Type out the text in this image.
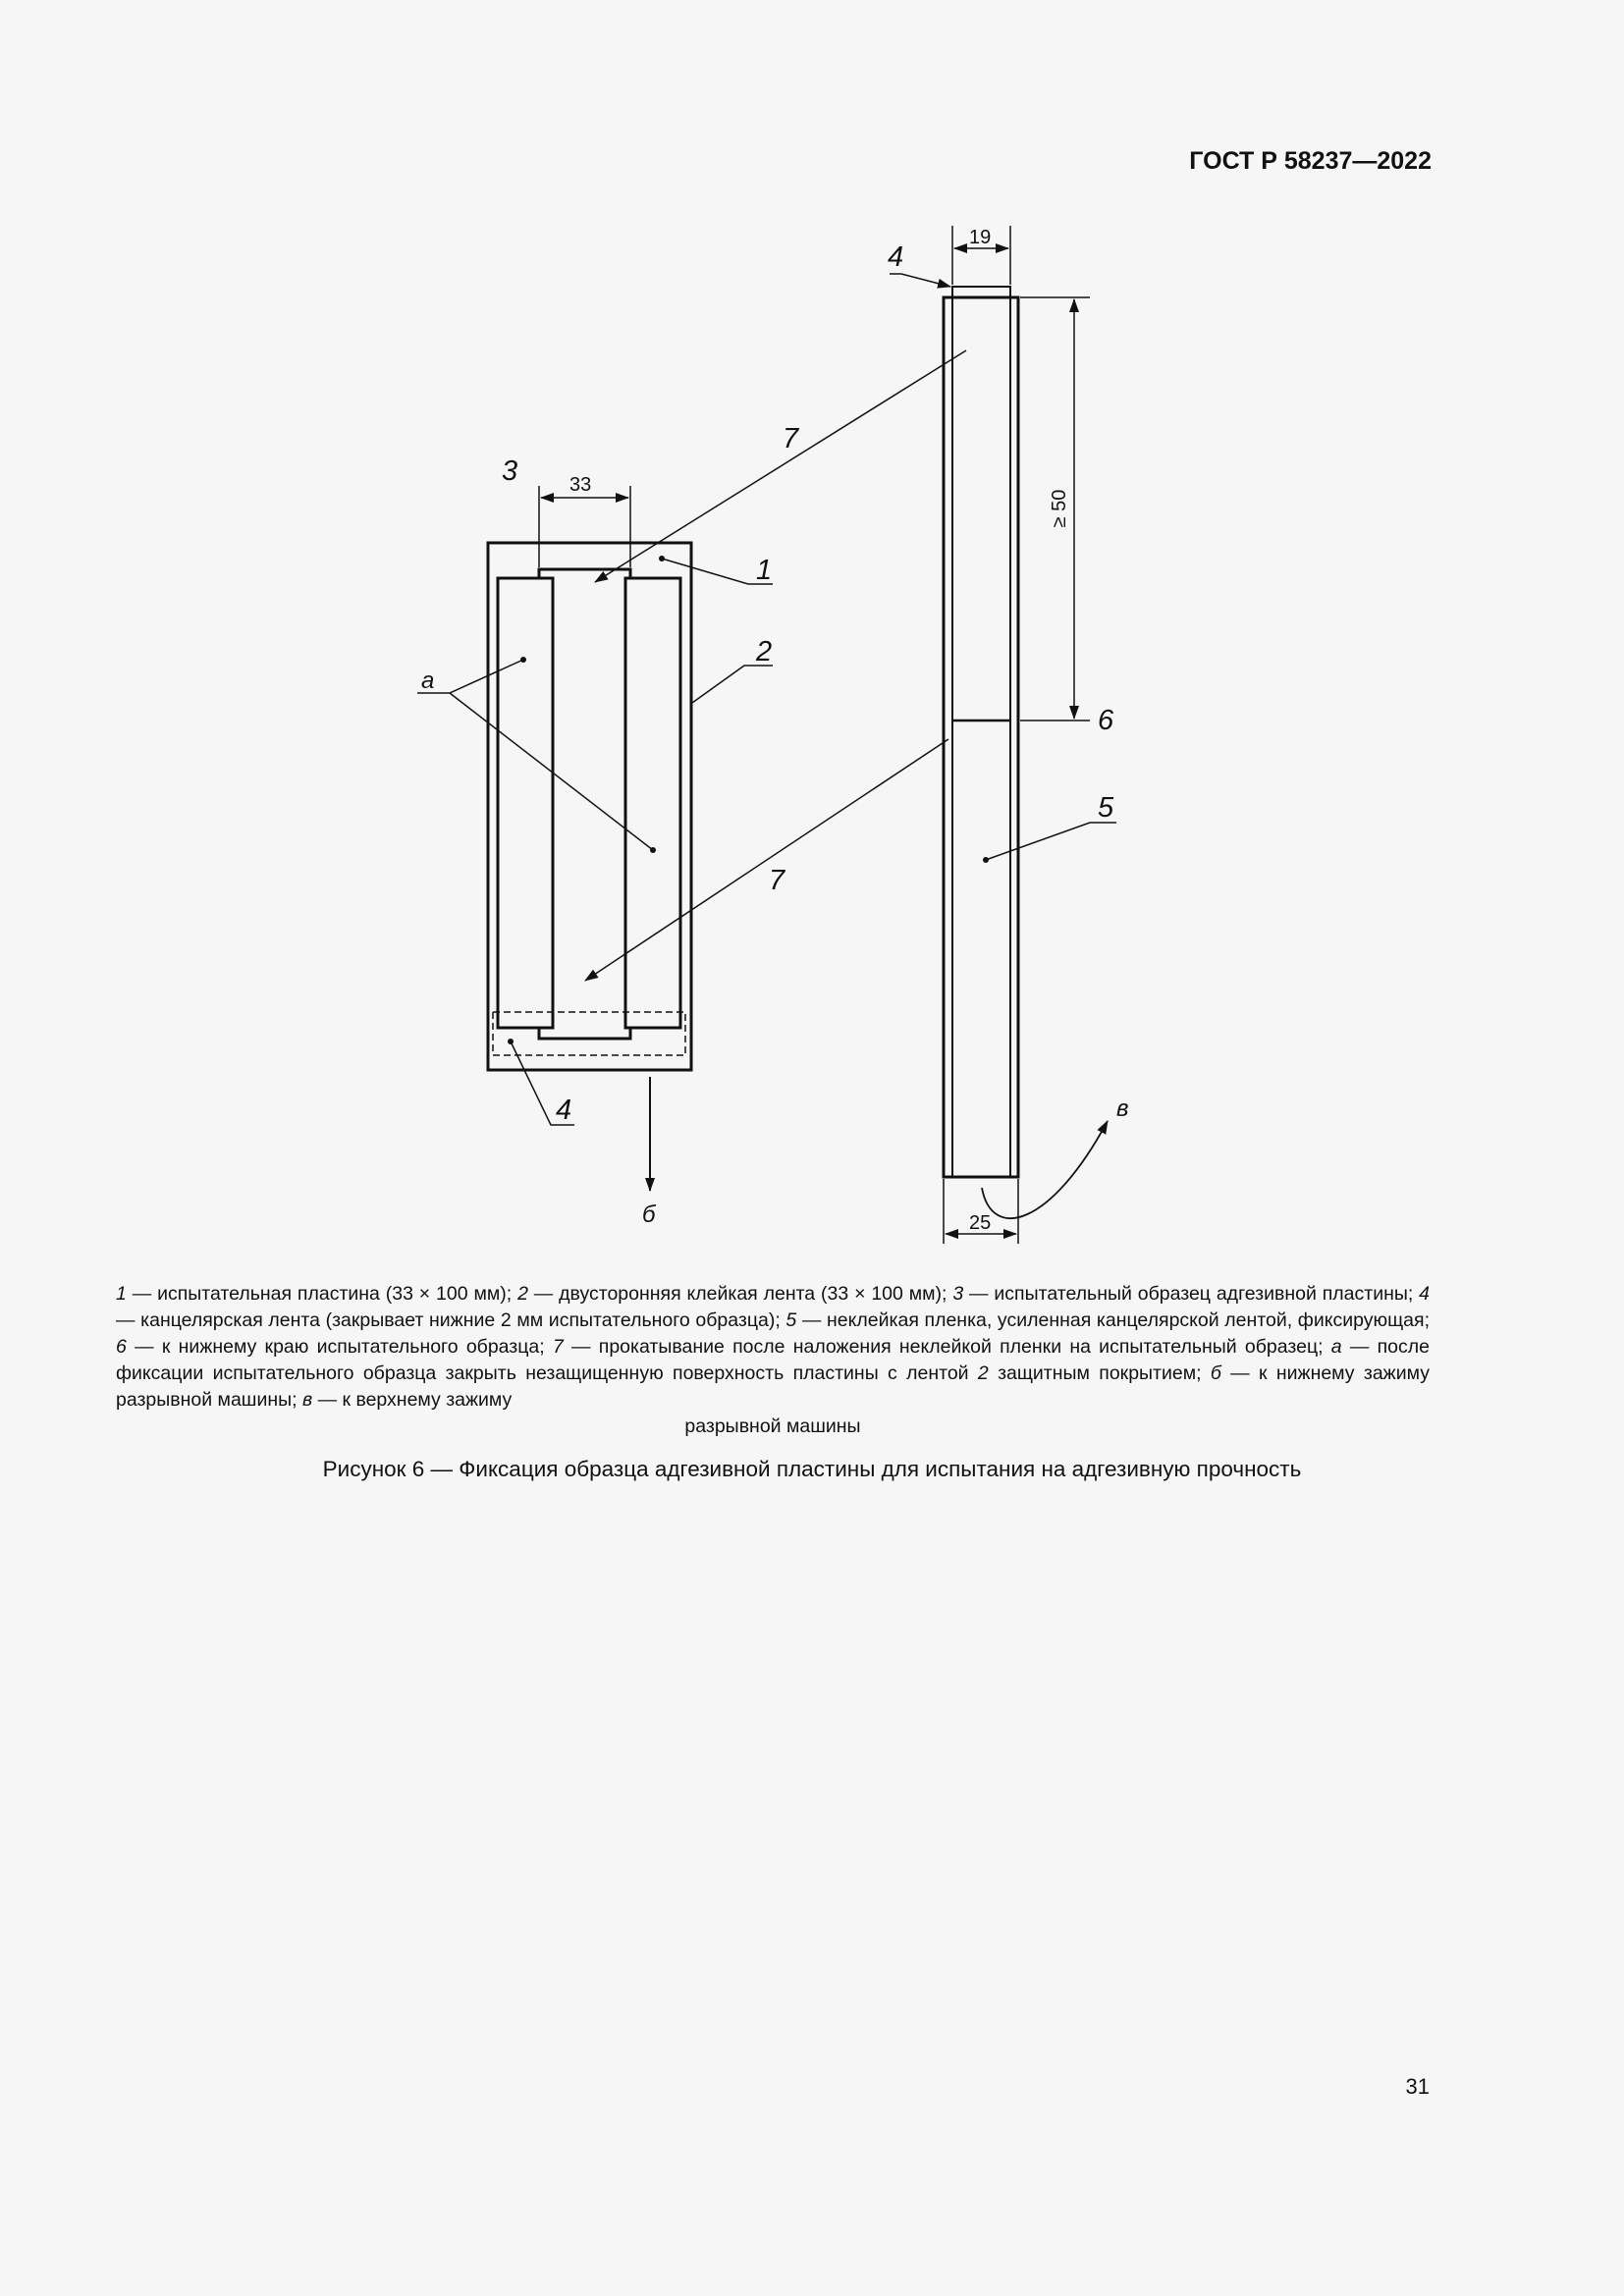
ГОСТ Р 58237—2022
3
1
2
а
4
б
7
7
4
6
5
в
33
19
25
≥ 50
1 — испытательная пластина (33 × 100 мм); 2 — двусторонняя клейкая лента (33 × 100 мм); 3 — испытательный образец адгезивной пластины; 4 — канцелярская лента (закрывает нижние 2 мм испытательного образца); 5 — неклейкая пленка, усиленная канцелярской лентой, фиксирующая; 6 — к нижнему краю испытательного образца; 7 — прокатывание после наложения неклейкой пленки на испытательный образец; а — после фиксации испытательного образца закрыть незащищенную поверхность пластины с лентой 2 защитным покрытием; б — к нижнему зажиму разрывной машины; в — к верхнему зажиму
разрывной машины
Рисунок 6 — Фиксация образца адгезивной пластины для испытания на адгезивную прочность
31
